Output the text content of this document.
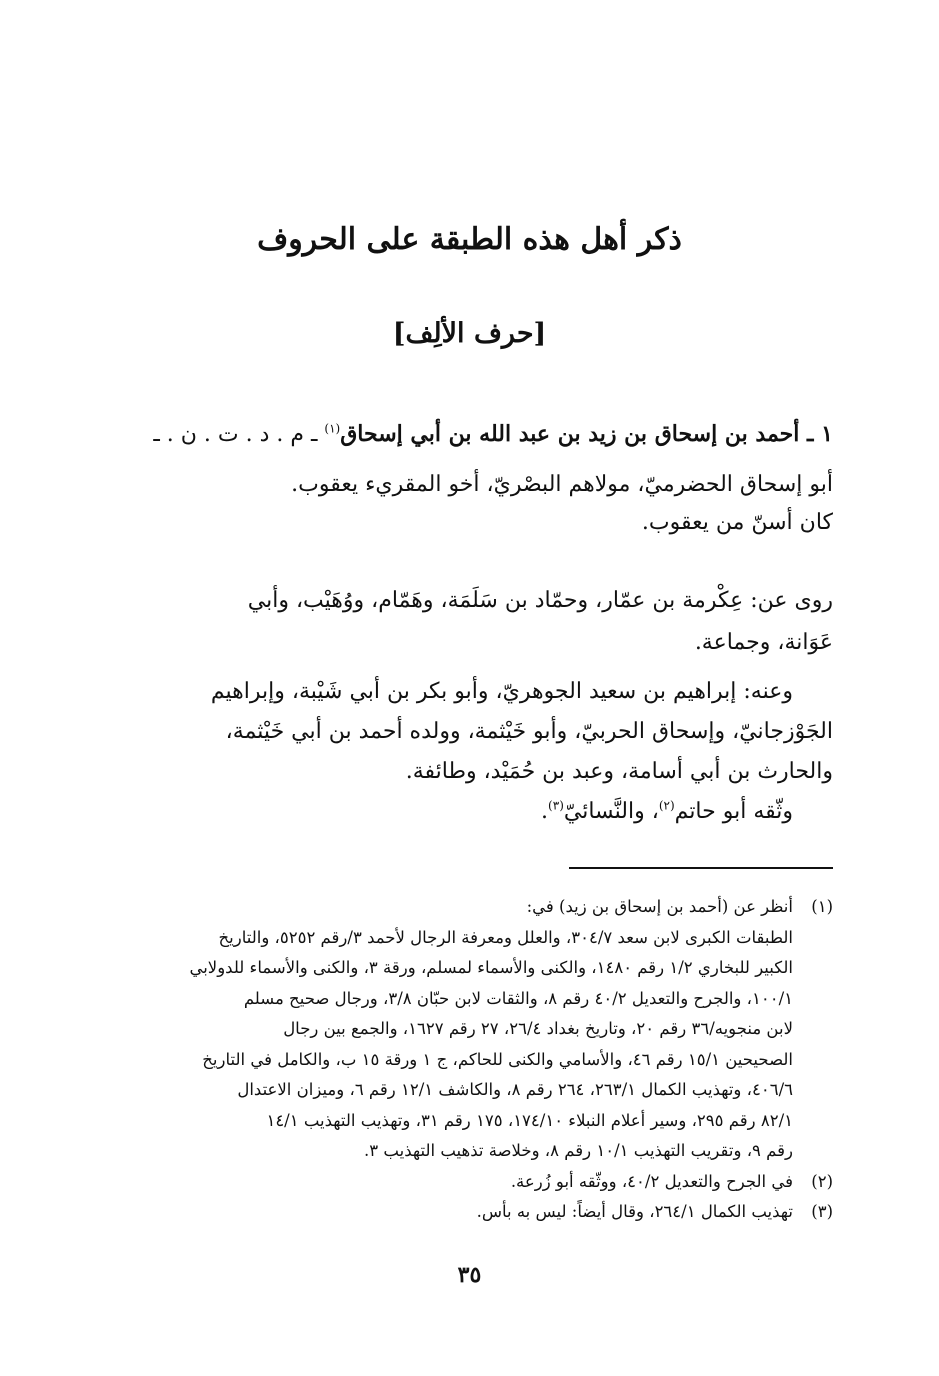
ذكر أهل هذه الطبقة على الحروف
[حرف الألِف]
١ ـ أحمد بن إسحاق بن زيد بن عبد الله بن أبي إسحاق$^{(١)}$ ـ م . د . ت . ن . ـ
أبو إسحاق الحضرميّ، مولاهم البصْريّ، أخو المقريء يعقوب.
كان أسنّ من يعقوب.
روى عن: عِكْرمة بن عمّار، وحمّاد بن سَلَمَة، وهَمّام، ووُهَيْب، وأبي
عَوَانة، وجماعة.
وعنه: إبراهيم بن سعيد الجوهريّ، وأبو بكر بن أبي شَيْبة، وإبراهيم
الجَوْزجانيّ، وإسحاق الحربيّ، وأبو خَيْثمة، وولده أحمد بن أبي خَيْثمة،
والحارث بن أبي أسامة، وعبد بن حُمَيْد، وطائفة.
وثّقه أبو حاتم$^{(٢)}$، والنَّسائيّ$^{(٣)}$.
(١)
أنظر عن (أحمد بن إسحاق بن زيد) في:
الطبقات الكبرى لابن سعد ٣٠٤/٧، والعلل ومعرفة الرجال لأحمد ٣/رقم ٥٢٥٢، والتاريخ
الكبير للبخاري ١/٢ رقم ١٤٨٠، والكنى والأسماء لمسلم، ورقة ٣، والكنى والأسماء للدولابي
١٠٠/١، والجرح والتعديل ٤٠/٢ رقم ٨، والثقات لابن حبّان ٣/٨، ورجال صحيح مسلم
لابن منجويه/٣٦ رقم ٢٠، وتاريخ بغداد ٢٦/٤، ٢٧ رقم ١٦٢٧، والجمع بين رجال
الصحيحين ١٥/١ رقم ٤٦، والأسامي والكنى للحاكم، ج ١ ورقة ١٥ ب، والكامل في التاريخ
٤٠٦/٦، وتهذيب الكمال ٢٦٣/١، ٢٦٤ رقم ٨، والكاشف ١٢/١ رقم ٦، وميزان الاعتدال
٨٢/١ رقم ٢٩٥، وسير أعلام النبلاء ١٧٤/١٠، ١٧٥ رقم ٣١، وتهذيب التهذيب ١٤/١
رقم ٩، وتقريب التهذيب ١٠/١ رقم ٨، وخلاصة تذهيب التهذيب ٣.
(٢)
في الجرح والتعديل ٤٠/٢، ووثّقه أبو زُرعة.
(٣)
تهذيب الكمال ٢٦٤/١، وقال أيضاً: ليس به بأس.
٣٥
